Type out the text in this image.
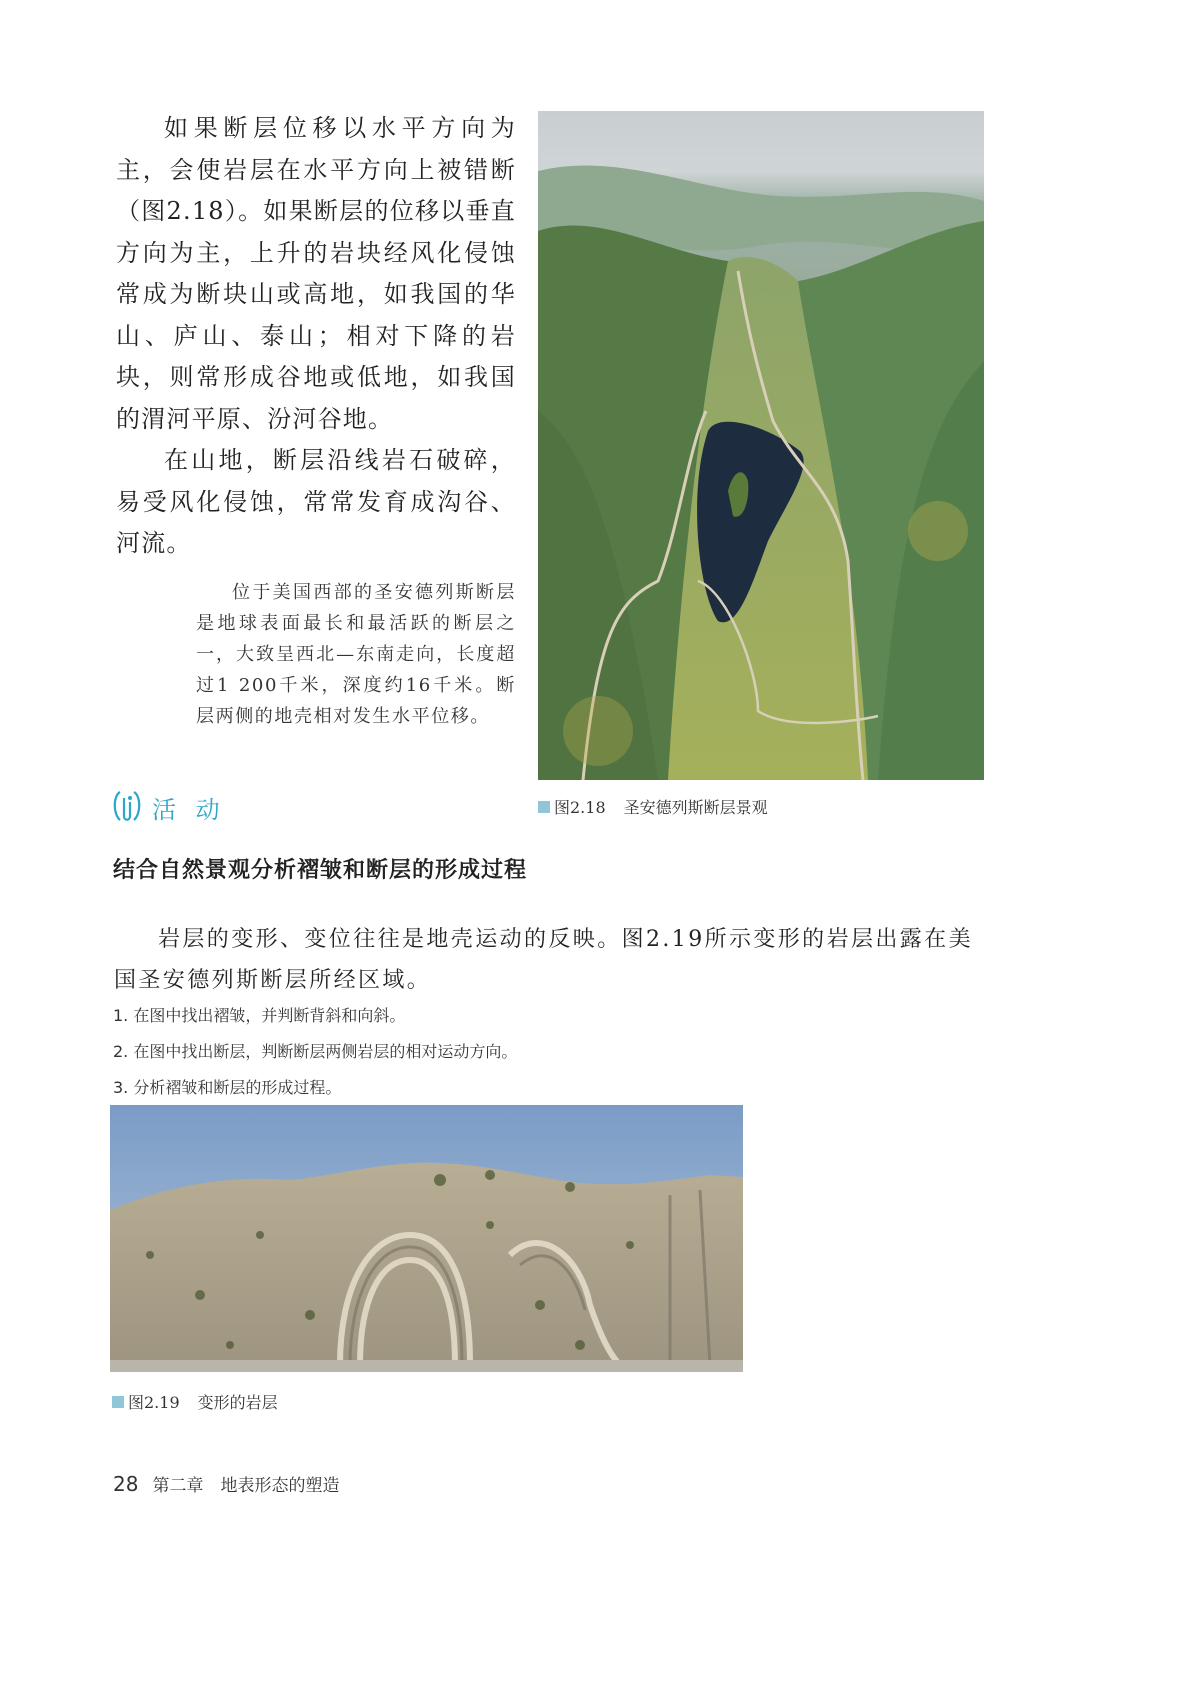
如果断层位移以水平方向为主，会使岩层在水平方向上被错断（图2.18）。如果断层的位移以垂直方向为主，上升的岩块经风化侵蚀常成为断块山或高地，如我国的华山、庐山、泰山；相对下降的岩块，则常形成谷地或低地，如我国的渭河平原、汾河谷地。

在山地，断层沿线岩石破碎，易受风化侵蚀，常常发育成沟谷、河流。

位于美国西部的圣安德列斯断层是地球表面最长和最活跃的断层之一，大致呈西北—东南走向，长度超过1 200千米，深度约16千米。断层两侧的地壳相对发生水平位移。

图2.18 圣安德列斯断层景观
活 动
结合自然景观分析褶皱和断层的形成过程

岩层的变形、变位往往是地壳运动的反映。图2.19所示变形的岩层出露在美国圣安德列斯断层所经区域。

1. 在图中找出褶皱，并判断背斜和向斜。
2. 在图中找出断层，判断断层两侧岩层的相对运动方向。
3. 分析褶皱和断层的形成过程。
图2.19 变形的岩层
28 第二章　地表形态的塑造
